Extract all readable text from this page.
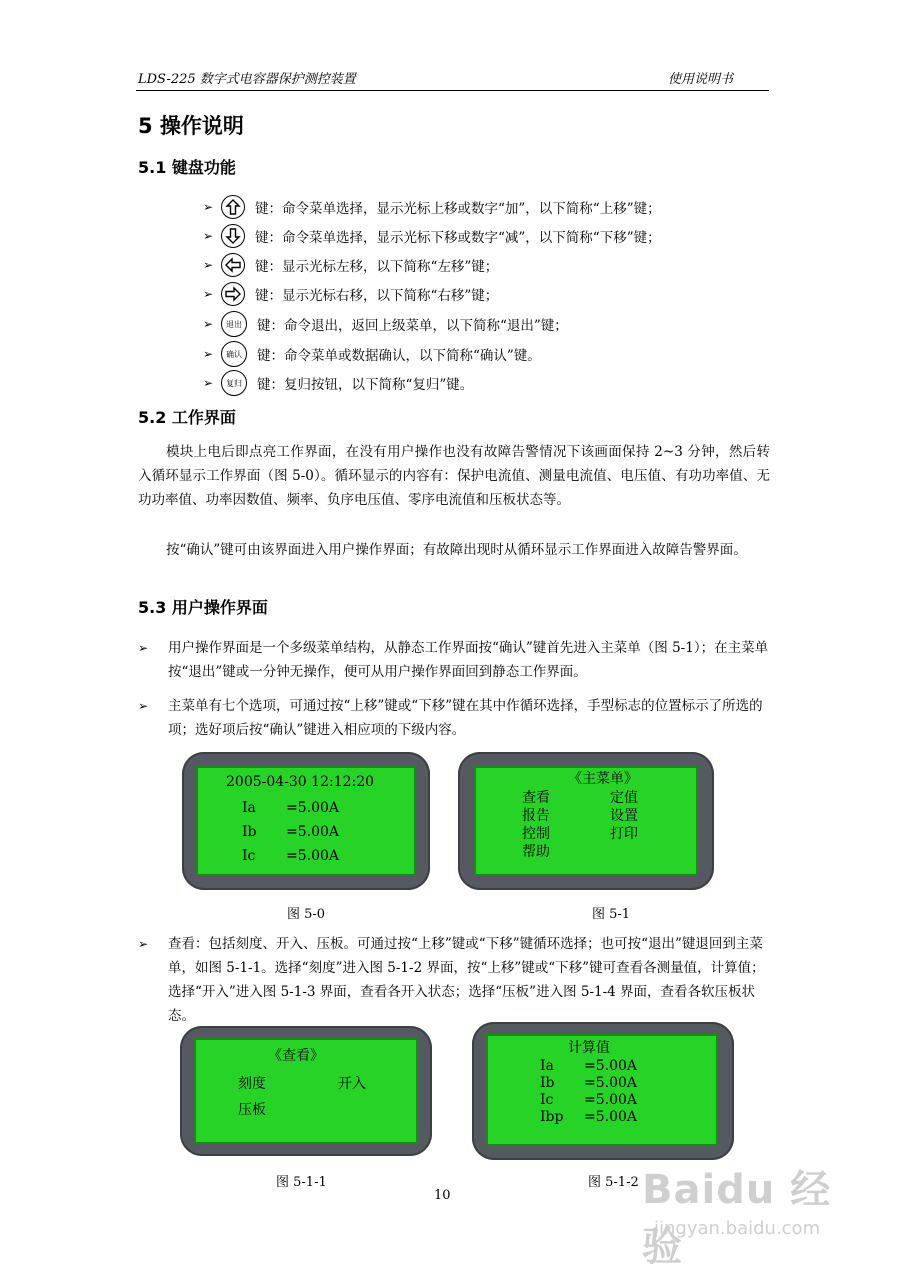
LDS-225 数字式电容器保护测控装置	使用说明书
5 操作说明
5.1 键盘功能
➢	键：命令菜单选择，显示光标上移或数字“加”，以下简称“上移”键；
➢	键：命令菜单选择，显示光标下移或数字“减”，以下简称“下移”键；
➢	键：显示光标左移，以下简称“左移”键；
➢	键：显示光标右移，以下简称“右移”键；
➢	退出	键：命令退出，返回上级菜单，以下简称“退出”键；
➢	确认	键：命令菜单或数据确认，以下简称“确认”键。
➢	复归	键：复归按钮，以下简称“复归”键。
5.2 工作界面
模块上电后即点亮工作界面，在没有用户操作也没有故障告警情况下该画面保持 2~3 分钟，然后转入循环显示工作界面（图 5-0）。循环显示的内容有：保护电流值、测量电流值、电压值、有功功率值、无功功率值、功率因数值、频率、负序电压值、零序电流值和压板状态等。
按“确认”键可由该界面进入用户操作界面；有故障出现时从循环显示工作界面进入故障告警界面。
5.3 用户操作界面
➢ 用户操作界面是一个多级菜单结构，从静态工作界面按“确认”键首先进入主菜单（图 5-1）；在主菜单按“退出”键或一分钟无操作，便可从用户操作界面回到静态工作界面。
➢ 主菜单有七个选项，可通过按“上移”键或“下移”键在其中作循环选择，手型标志的位置标示了所选的项；选好项后按“确认”键进入相应项的下级内容。
2005-04-30 12:12:20
Ia =5.00A
Ib =5.00A
Ic =5.00A
图 5-0
《主菜单》
查看	定值
报告	设置
控制	打印
帮助
图 5-1
➢ 查看：包括刻度、开入、压板。可通过按“上移”键或“下移”键循环选择；也可按“退出”键退回到主菜单，如图 5-1-1。选择“刻度”进入图 5-1-2 界面，按“上移”键或“下移”键可查看各测量值，计算值；选择“开入”进入图 5-1-3 界面，查看各开入状态；选择“压板”进入图 5-1-4 界面，查看各软压板状态。
《查看》
刻度	开入
压板
图 5-1-1
计算值
Ia =5.00A
Ib =5.00A
Ic =5.00A
Ibp =5.00A
图 5-1-2
10	Baidu 经验
jingyan.baidu.com
